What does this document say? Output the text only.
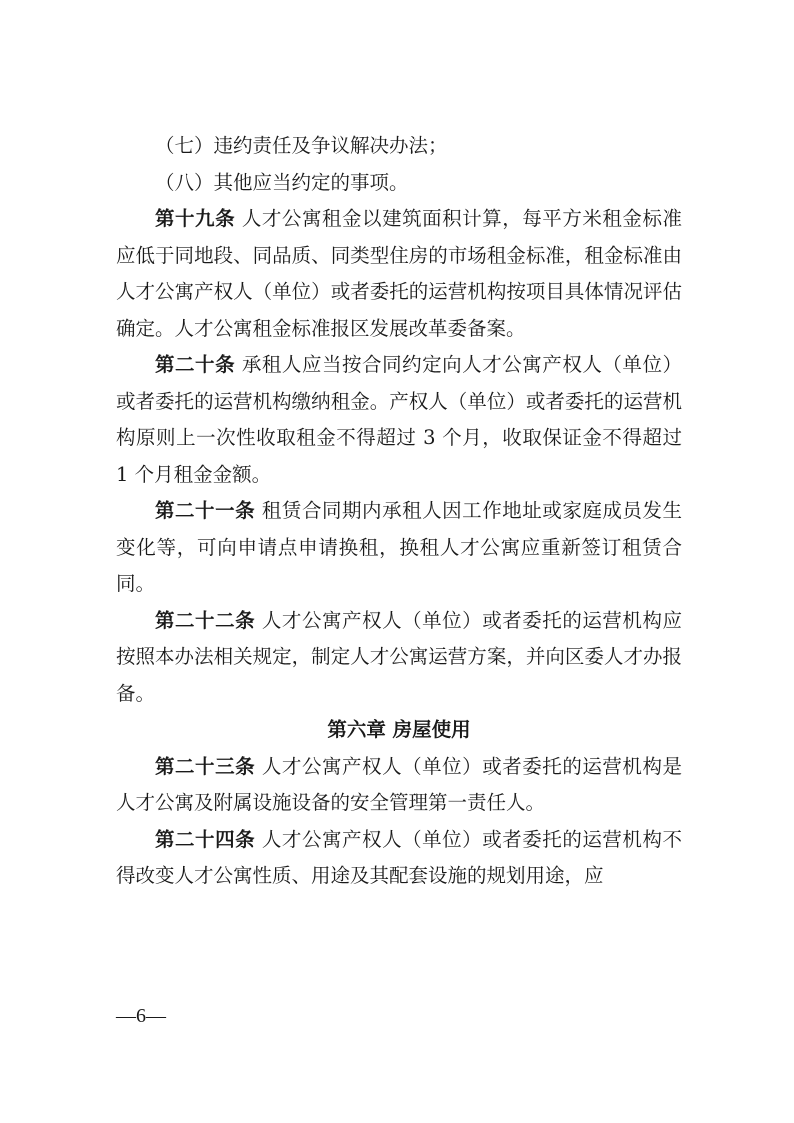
（七）违约责任及争议解决办法；

（八）其他应当约定的事项。

第十九条 人才公寓租金以建筑面积计算，每平方米租金标准应低于同地段、同品质、同类型住房的市场租金标准，租金标准由人才公寓产权人（单位）或者委托的运营机构按项目具体情况评估确定。人才公寓租金标准报区发展改革委备案。

第二十条 承租人应当按合同约定向人才公寓产权人（单位）或者委托的运营机构缴纳租金。产权人（单位）或者委托的运营机构原则上一次性收取租金不得超过 3 个月，收取保证金不得超过 1 个月租金金额。

第二十一条 租赁合同期内承租人因工作地址或家庭成员发生变化等，可向申请点申请换租，换租人才公寓应重新签订租赁合同。

第二十二条 人才公寓产权人（单位）或者委托的运营机构应按照本办法相关规定，制定人才公寓运营方案，并向区委人才办报备。

第六章 房屋使用

第二十三条 人才公寓产权人（单位）或者委托的运营机构是人才公寓及附属设施设备的安全管理第一责任人。

第二十四条 人才公寓产权人（单位）或者委托的运营机构不得改变人才公寓性质、用途及其配套设施的规划用途，应

—6—
